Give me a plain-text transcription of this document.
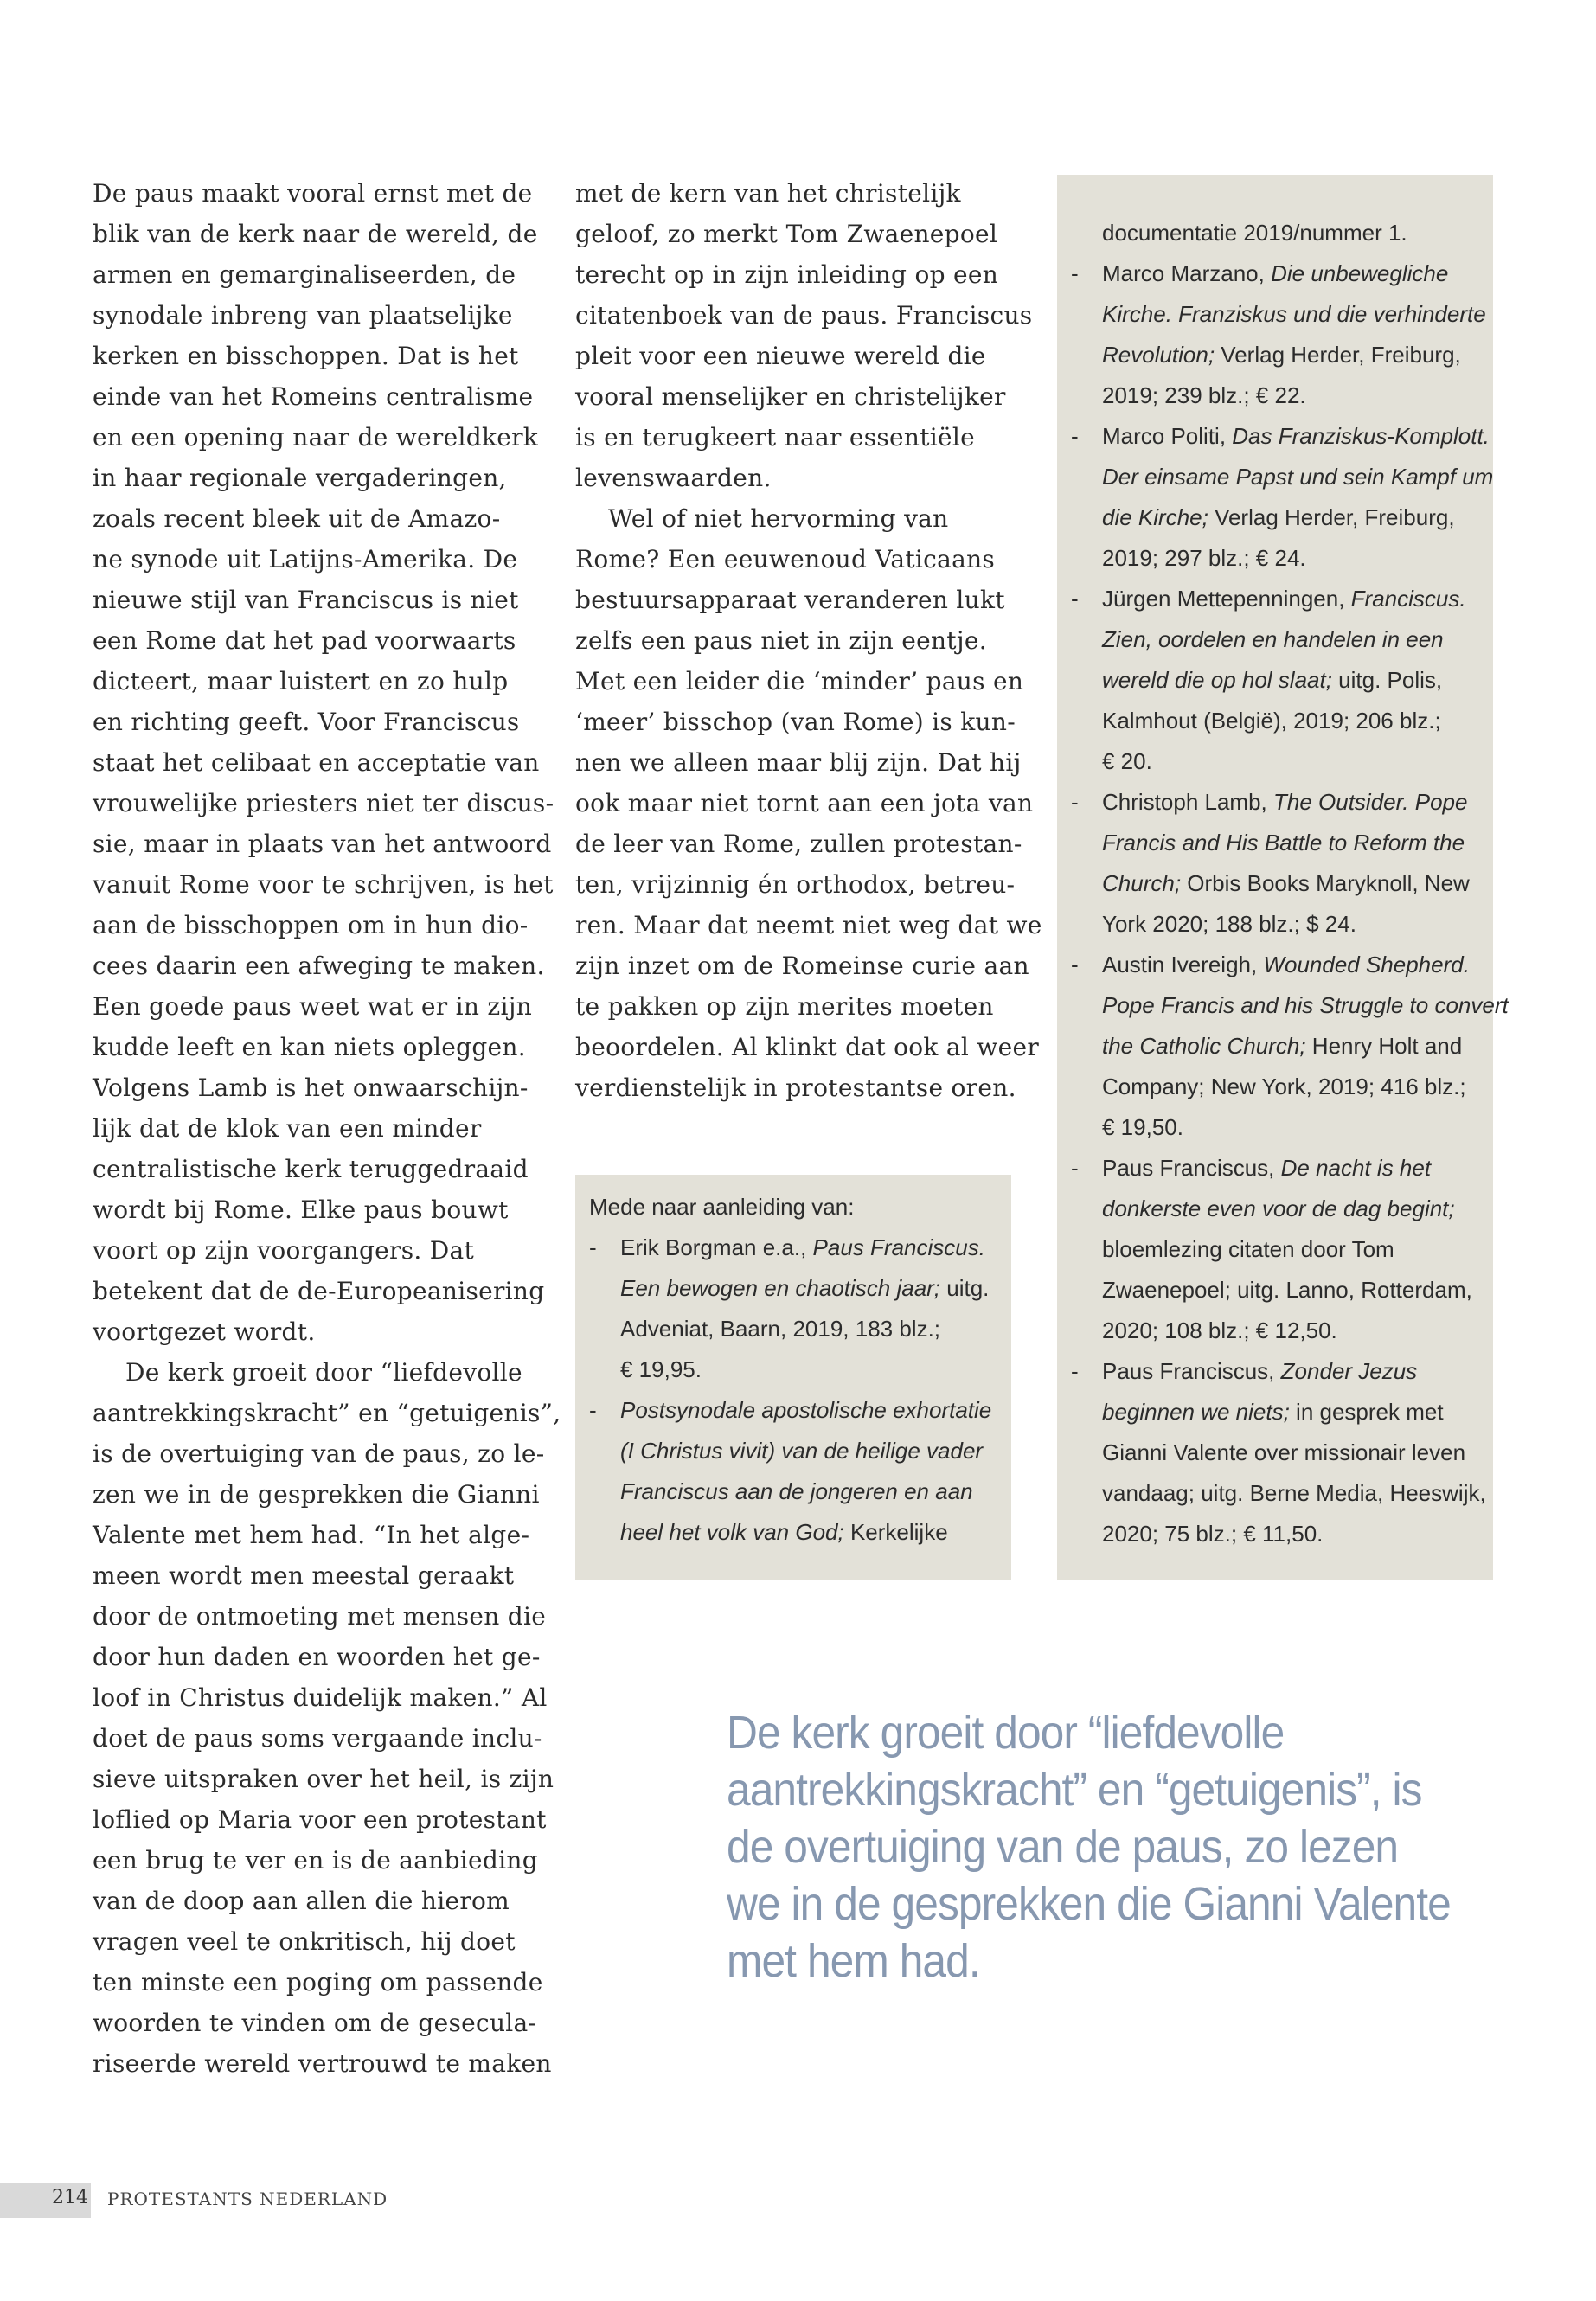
De paus maakt vooral ernst met de
blik van de kerk naar de wereld, de
armen en gemarginaliseerden, de
synodale inbreng van plaatselijke
kerken en bisschoppen. Dat is het
einde van het Romeins centralisme
en een opening naar de wereldkerk
in haar regionale vergaderingen,
zoals recent bleek uit de Amazo-
ne synode uit Latijns-Amerika. De
nieuwe stijl van Franciscus is niet
een Rome dat het pad voorwaarts
dicteert, maar luistert en zo hulp
en richting geeft. Voor Franciscus
staat het celibaat en acceptatie van
vrouwelijke priesters niet ter discus-
sie, maar in plaats van het antwoord
vanuit Rome voor te schrijven, is het
aan de bisschoppen om in hun dio-
cees daarin een afweging te maken.
Een goede paus weet wat er in zijn
kudde leeft en kan niets opleggen.
Volgens Lamb is het onwaarschijn-
lijk dat de klok van een minder
centralistische kerk teruggedraaid
wordt bij Rome. Elke paus bouwt
voort op zijn voorgangers. Dat
betekent dat de de-Europeanisering
voortgezet wordt.

De kerk groeit door “liefdevolle
aantrekkingskracht” en “getuigenis”,
is de overtuiging van de paus, zo le-
zen we in de gesprekken die Gianni
Valente met hem had. “In het alge-
meen wordt men meestal geraakt
door de ontmoeting met mensen die
door hun daden en woorden het ge-
loof in Christus duidelijk maken.” Al
doet de paus soms vergaande inclu-
sieve uitspraken over het heil, is zijn
loflied op Maria voor een protestant
een brug te ver en is de aanbieding
van de doop aan allen die hierom
vragen veel te onkritisch, hij doet
ten minste een poging om passende
woorden te vinden om de gesecula-
riseerde wereld vertrouwd te maken

met de kern van het christelijk
geloof, zo merkt Tom Zwaenepoel
terecht op in zijn inleiding op een
citatenboek van de paus. Franciscus
pleit voor een nieuwe wereld die
vooral menselijker en christelijker
is en terugkeert naar essentiële
levenswaarden.

Wel of niet hervorming van
Rome? Een eeuwenoud Vaticaans
bestuursapparaat veranderen lukt
zelfs een paus niet in zijn eentje.
Met een leider die ‘minder’ paus en
‘meer’ bisschop (van Rome) is kun-
nen we alleen maar blij zijn. Dat hij
ook maar niet tornt aan een jota van
de leer van Rome, zullen protestan-
ten, vrijzinnig én orthodox, betreu-
ren. Maar dat neemt niet weg dat we
zijn inzet om de Romeinse curie aan
te pakken op zijn merites moeten
beoordelen. Al klinkt dat ook al weer
verdienstelijk in protestantse oren.

Mede naar aanleiding van:
- Erik Borgman e.a., Paus Franciscus.
Een bewogen en chaotisch jaar; uitg.
Adveniat, Baarn, 2019, 183 blz.;
€ 19,95.
- Postsynodale apostolische exhortatie
(I Christus vivit) van de heilige vader
Franciscus aan de jongeren en aan
heel het volk van God; Kerkelijke
documentatie 2019/nummer 1.
- Marco Marzano, Die unbewegliche
Kirche. Franziskus und die verhinderte
Revolution; Verlag Herder, Freiburg,
2019; 239 blz.; € 22.
- Marco Politi, Das Franziskus-Komplott.
Der einsame Papst und sein Kampf um
die Kirche; Verlag Herder, Freiburg,
2019; 297 blz.; € 24.
- Jürgen Mettepenningen, Franciscus.
Zien, oordelen en handelen in een
wereld die op hol slaat; uitg. Polis,
Kalmhout (België), 2019; 206 blz.;
€ 20.
- Christoph Lamb, The Outsider. Pope
Francis and His Battle to Reform the
Church; Orbis Books Maryknoll, New
York 2020; 188 blz.; $ 24.
- Austin Ivereigh, Wounded Shepherd.
Pope Francis and his Struggle to convert
the Catholic Church; Henry Holt and
Company; New York, 2019; 416 blz.;
€ 19,50.
- Paus Franciscus, De nacht is het
donkerste even voor de dag begint;
bloemlezing citaten door Tom
Zwaenepoel; uitg. Lanno, Rotterdam,
2020; 108 blz.; € 12,50.
- Paus Franciscus, Zonder Jezus
beginnen we niets; in gesprek met
Gianni Valente over missionair leven
vandaag; uitg. Berne Media, Heeswijk,
2020; 75 blz.; € 11,50.
De kerk groeit door “liefdevolle
aantrekkingskracht” en “getuigenis”, is
de overtuiging van de paus, zo lezen
we in de gesprekken die Gianni Valente
met hem had.
214 PROTESTANTS NEDERLAND
